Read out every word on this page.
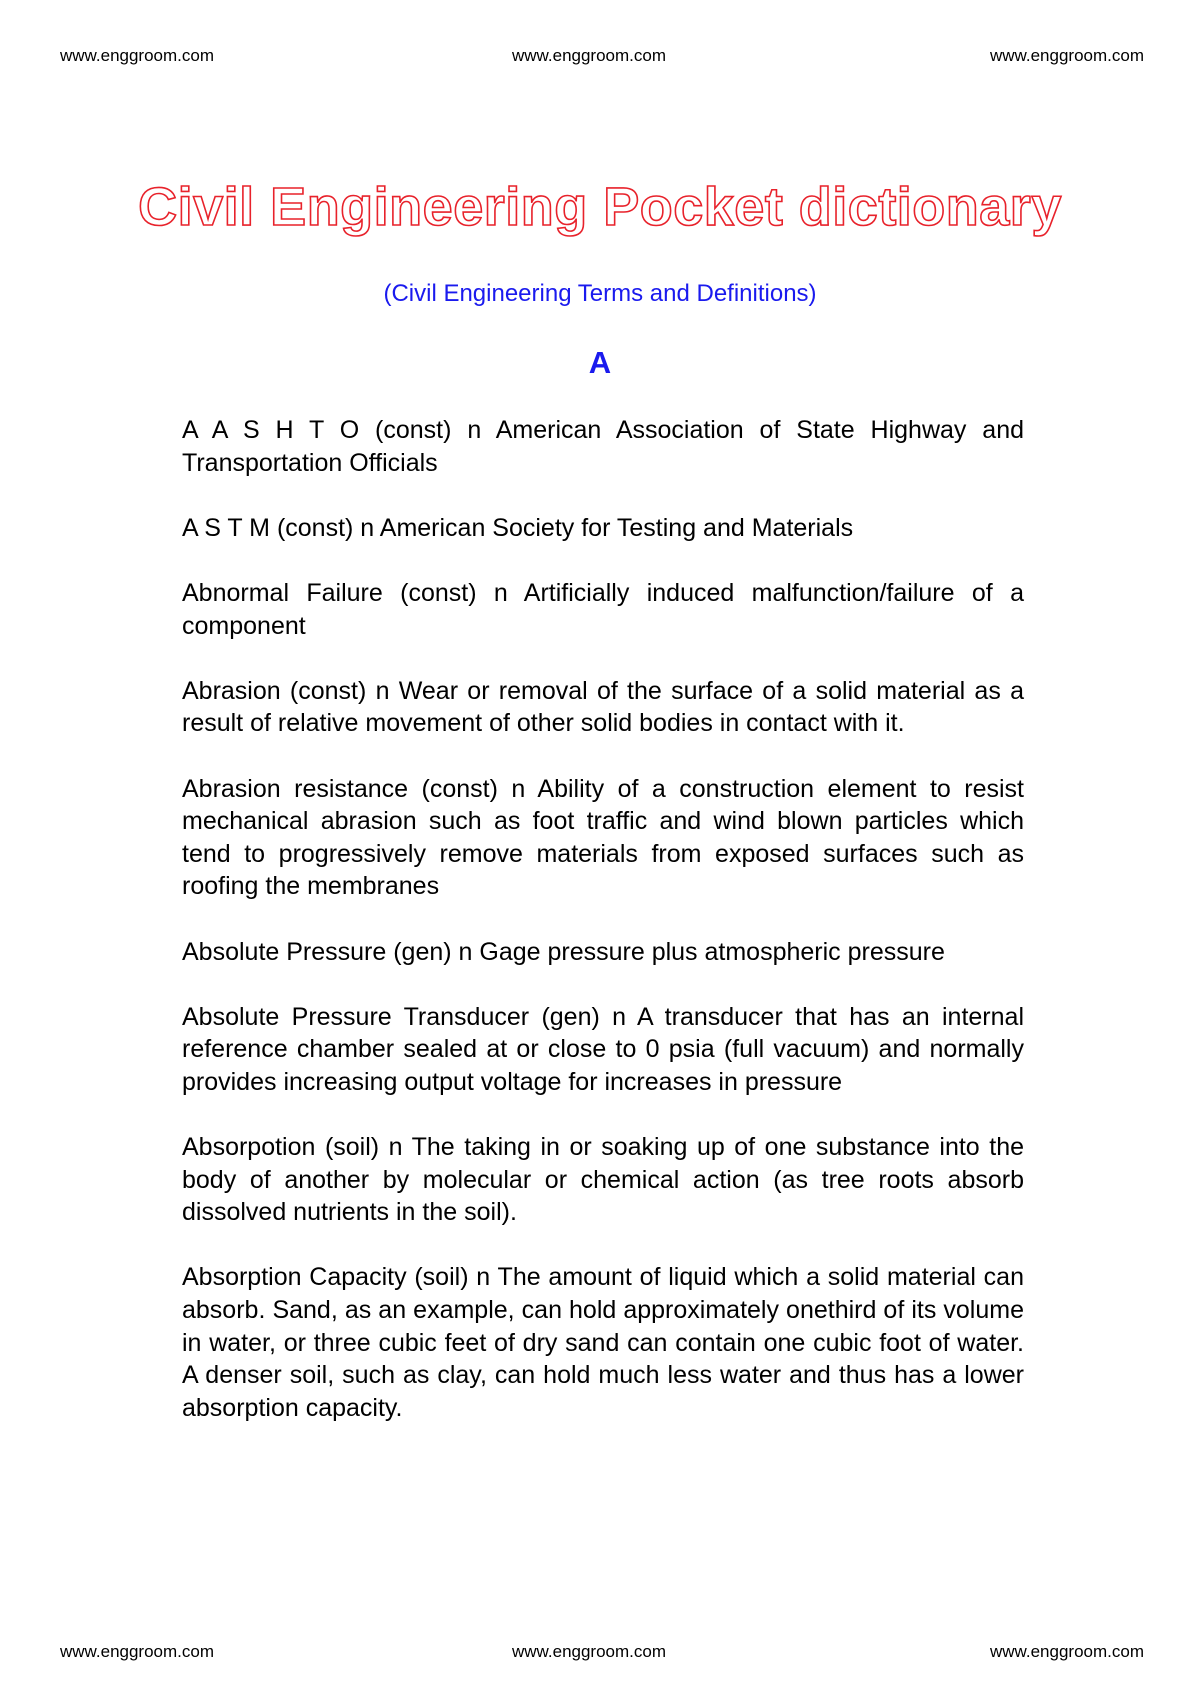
www.enggroom.com	www.enggroom.com	www.enggroom.com
Civil Engineering Pocket dictionary
(Civil Engineering Terms and Definitions)
A

A A S H T O (const) n American Association of State Highway and Transportation Officials

A S T M (const) n American Society for Testing and Materials

Abnormal Failure (const) n Artificially induced malfunction/failure of a component

Abrasion (const) n Wear or removal of the surface of a solid material as a result of relative movement of other solid bodies in contact with it.

Abrasion resistance (const) n Ability of a construction element to resist mechanical abrasion such as foot traffic and wind blown particles which tend to progressively remove materials from exposed surfaces such as roofing the membranes

Absolute Pressure (gen) n Gage pressure plus atmospheric pressure

Absolute Pressure Transducer (gen) n A transducer that has an internal reference chamber sealed at or close to 0 psia (full vacuum) and normally provides increasing output voltage for increases in pressure

Absorpotion (soil) n The taking in or soaking up of one substance into the body of another by molecular or chemical action (as tree roots absorb dissolved nutrients in the soil).

Absorption Capacity (soil) n The amount of liquid which a solid material can absorb. Sand, as an example, can hold approximately onethird of its volume in water, or three cubic feet of dry sand can contain one cubic foot of water. A denser soil, such as clay, can hold much less water and thus has a lower absorption capacity.

www.enggroom.com	www.enggroom.com	www.enggroom.com
